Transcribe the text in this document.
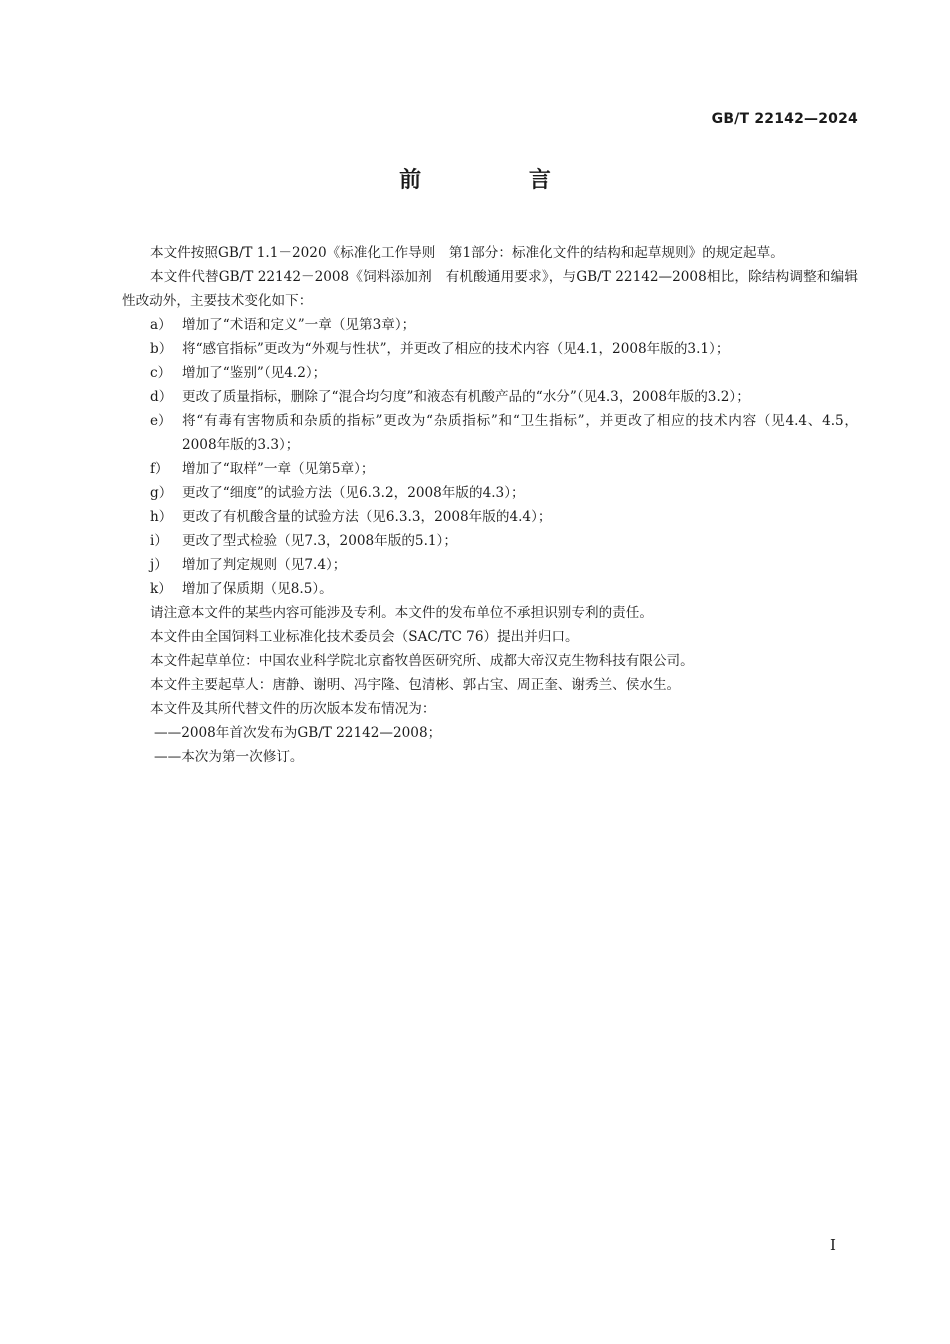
GB/T 22142—2024
前 言

本文件按照GB/T 1.1－2020《标准化工作导则　第1部分：标准化文件的结构和起草规则》的规定起草。

本文件代替GB/T 22142－2008《饲料添加剂　有机酸通用要求》，与GB/T 22142—2008相比，除结构调整和编辑性改动外，主要技术变化如下：

a） 增加了“术语和定义”一章（见第3章）；

b） 将“感官指标”更改为“外观与性状”，并更改了相应的技术内容（见4.1，2008年版的3.1）；

c） 增加了“鉴别”（见4.2）；

d） 更改了质量指标，删除了“混合均匀度”和液态有机酸产品的“水分”（见4.3，2008年版的3.2）；

e） 将“有毒有害物质和杂质的指标”更改为“杂质指标”和“卫生指标”，并更改了相应的技术内容（见4.4、4.5，2008年版的3.3）；

f） 增加了“取样”一章（见第5章）；

g） 更改了“细度”的试验方法（见6.3.2，2008年版的4.3）；

h） 更改了有机酸含量的试验方法（见6.3.3，2008年版的4.4）；

i） 更改了型式检验（见7.3，2008年版的5.1）；

j） 增加了判定规则（见7.4）；

k） 增加了保质期（见8.5）。

请注意本文件的某些内容可能涉及专利。本文件的发布单位不承担识别专利的责任。

本文件由全国饲料工业标准化技术委员会（SAC/TC 76）提出并归口。

本文件起草单位：中国农业科学院北京畜牧兽医研究所、成都大帝汉克生物科技有限公司。

本文件主要起草人：唐静、谢明、冯宇隆、包清彬、郭占宝、周正奎、谢秀兰、侯水生。

本文件及其所代替文件的历次版本发布情况为：

——2008年首次发布为GB/T 22142—2008；

——本次为第一次修订。

I
